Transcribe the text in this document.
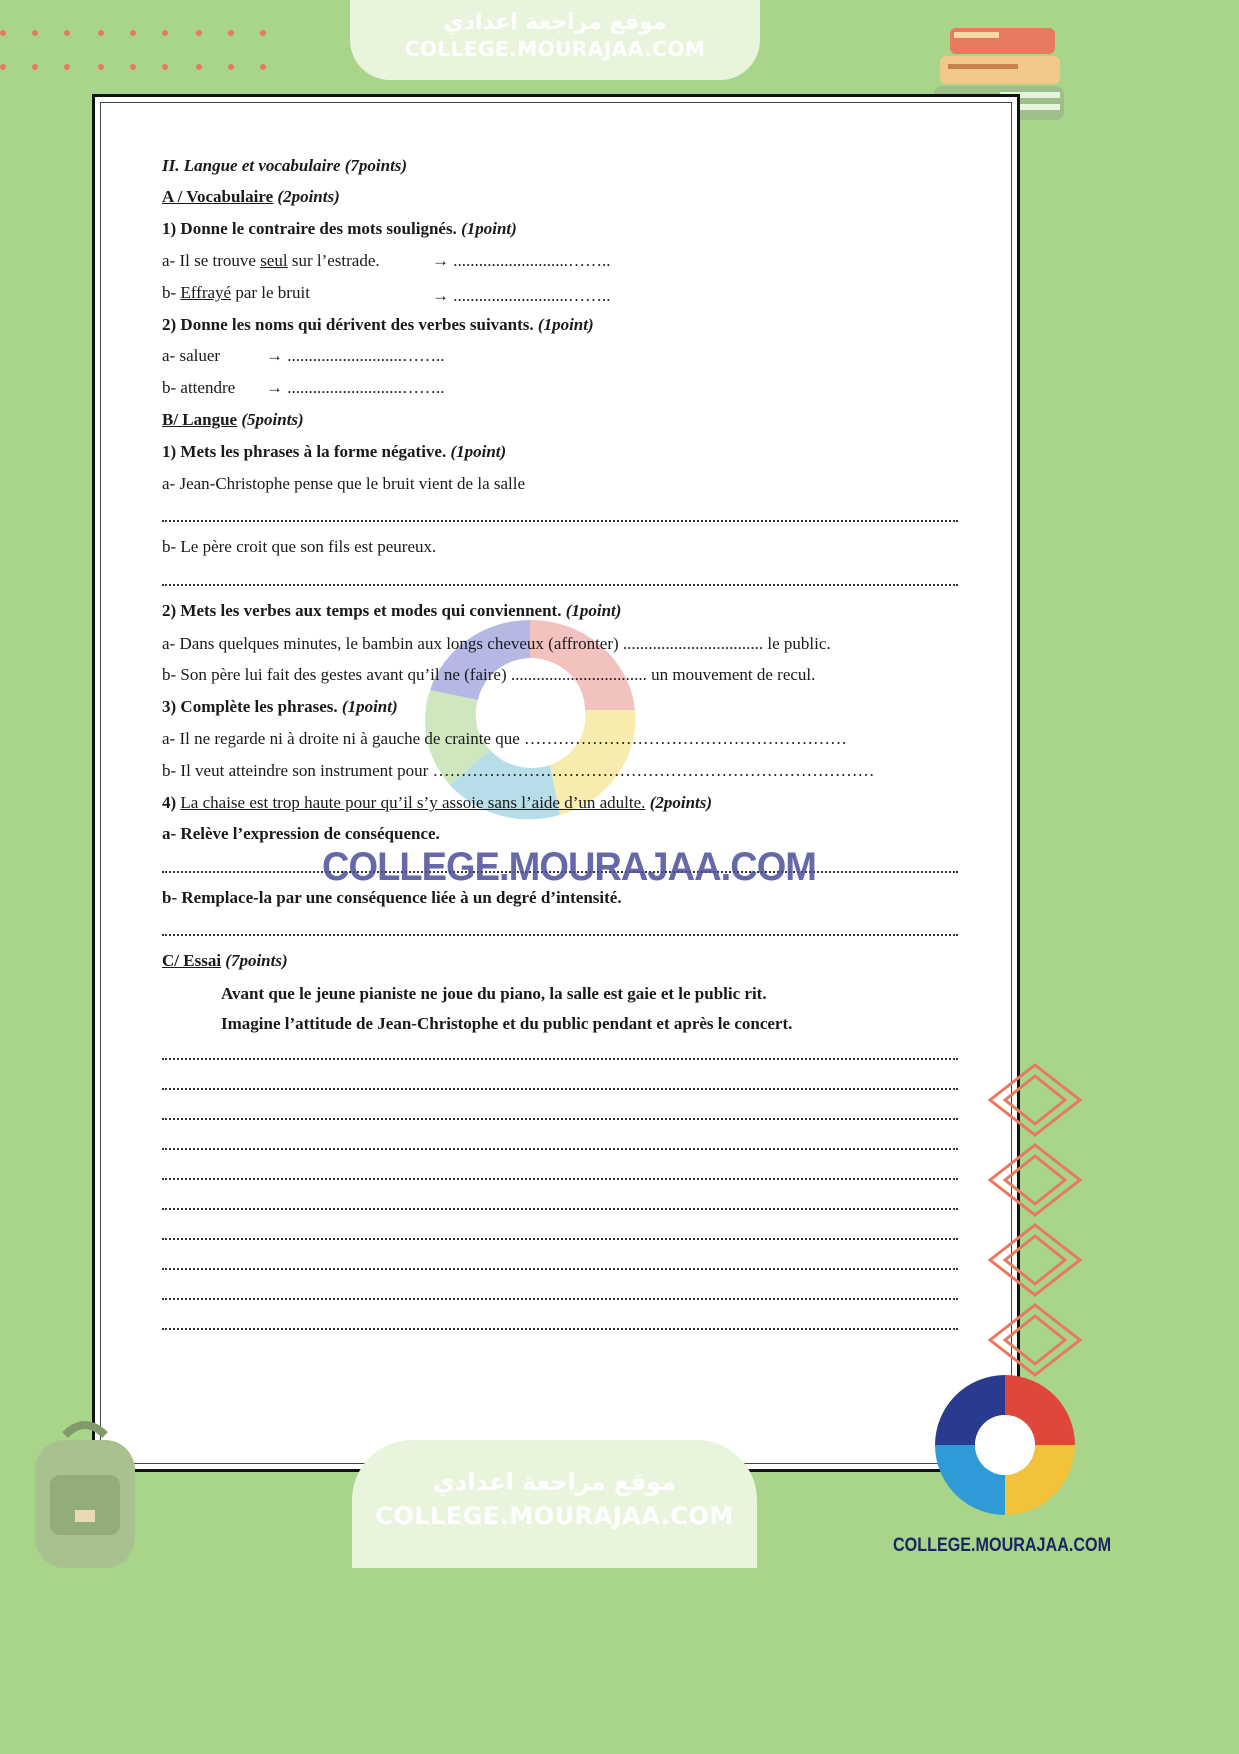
موقع مراجعة اعدادي
COLLEGE.MOURAJAA.COM
II. Langue et vocabulaire (7points)
A / Vocabulaire (2points)
1) Donne le contraire des mots soulignés. (1point)
a- Il se trouve seul sur l’estrade.	→ ...........................……..
b- Effrayé par le bruit	→ ...........................……..
2) Donne les noms qui dérivent des verbes suivants. (1point)
a- saluer	→ ...........................……..
b- attendre → ...........................……..
B/ Langue (5points)
1) Mets les phrases à la forme négative. (1point)
a- Jean-Christophe pense que le bruit vient de la salle
b- Le père croit que son fils est peureux.
2) Mets les verbes aux temps et modes qui conviennent. (1point)
a- Dans quelques minutes, le bambin aux longs cheveux (affronter) ................................. le public.
b- Son père lui fait des gestes avant qu’il ne (faire) ................................ un mouvement de recul.
3) Complète les phrases. (1point)
a- Il ne regarde ni à droite ni à gauche de crainte que …………………………………………………
b- Il veut atteindre son instrument pour ……………………………………………………………………
4) La chaise est trop haute pour qu’il s’y assoie sans l’aide d’un adulte. (2points)
a- Relève l’expression de conséquence.
b- Remplace-la par une conséquence liée à un degré d’intensité.
C/ Essai (7points)
Avant que le jeune pianiste ne joue du piano, la salle est gaie et le public rit.
Imagine l’attitude de Jean-Christophe et du public pendant et après le concert.
COLLEGE.MOURAJAA.COM
موقع مراجعة اعدادي
COLLEGE.MOURAJAA.COM
COLLEGE.MOURAJAA.COM
